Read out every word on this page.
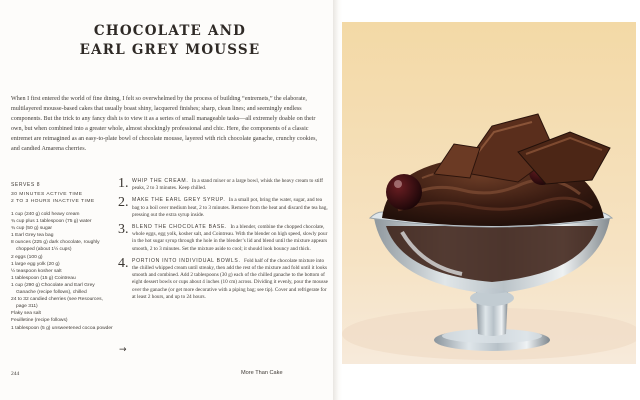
CHOCOLATE AND
EARL GREY MOUSSE

When I first entered the world of fine dining, I felt so overwhelmed by the process of building “entremets,” the elaborate, multilayered mousse-based cakes that usually boast shiny, lacquered finishes; sharp, clean lines; and seemingly endless components. But the trick to any fancy dish is to view it as a series of small manageable tasks—all extremely doable on their own, but when combined into a greater whole, almost shockingly professional and chic. Here, the components of a classic entremet are reimagined as an easy-to-plate bowl of chocolate mousse, layered with rich chocolate ganache, crunchy cookies, and candied Amarena cherries.

SERVES 8
30 MINUTES ACTIVE TIME
2 TO 3 HOURS INACTIVE TIME
1 cup (240 g) cold heavy cream
¾ cup plus 1 tablespoon (75 g) water
¾ cup (50 g) sugar
1 Earl Grey tea bag
8 ounces (225 g) dark chocolate, roughly chopped (about 1½ cups)
2 eggs (100 g)
1 large egg yolk (20 g)
½ teaspoon kosher salt
1 tablespoon (15 g) Cointreau
1 cup (290 g) Chocolate and Earl Grey Ganache (recipe follows), chilled
24 to 32 candied cherries (see Resources, page 311)
Flaky sea salt
Feuilletine (recipe follows)
1 tablespoon (5 g) unsweetened cocoa powder
1. WHIP THE CREAM. In a stand mixer or a large bowl, whisk the heavy cream to stiff peaks, 2 to 3 minutes. Keep chilled.

2. MAKE THE EARL GREY SYRUP. In a small pot, bring the water, sugar, and tea bag to a boil over medium heat, 2 to 3 minutes. Remove from the heat and discard the tea bag, pressing out the extra syrup inside.

3. BLEND THE CHOCOLATE BASE. In a blender, combine the chopped chocolate, whole eggs, egg yolk, kosher salt, and Cointreau. With the blender on high speed, slowly pour in the hot sugar syrup through the hole in the blender’s lid and blend until the mixture appears smooth, 2 to 3 minutes. Set the mixture aside to cool; it should look bouncy and thick.

4. PORTION INTO INDIVIDUAL BOWLS. Fold half of the chocolate mixture into the chilled whipped cream until streaky, then add the rest of the mixture and fold until it looks smooth and combined. Add 2 tablespoons (30 g) each of the chilled ganache to the bottom of eight dessert bowls or cups about 4 inches (10 cm) across. Dividing it evenly, pour the mousse over the ganache (or get more decorative with a piping bag; see tip). Cover and refrigerate for at least 2 hours, and up to 24 hours.

→
244	More Than Cake
